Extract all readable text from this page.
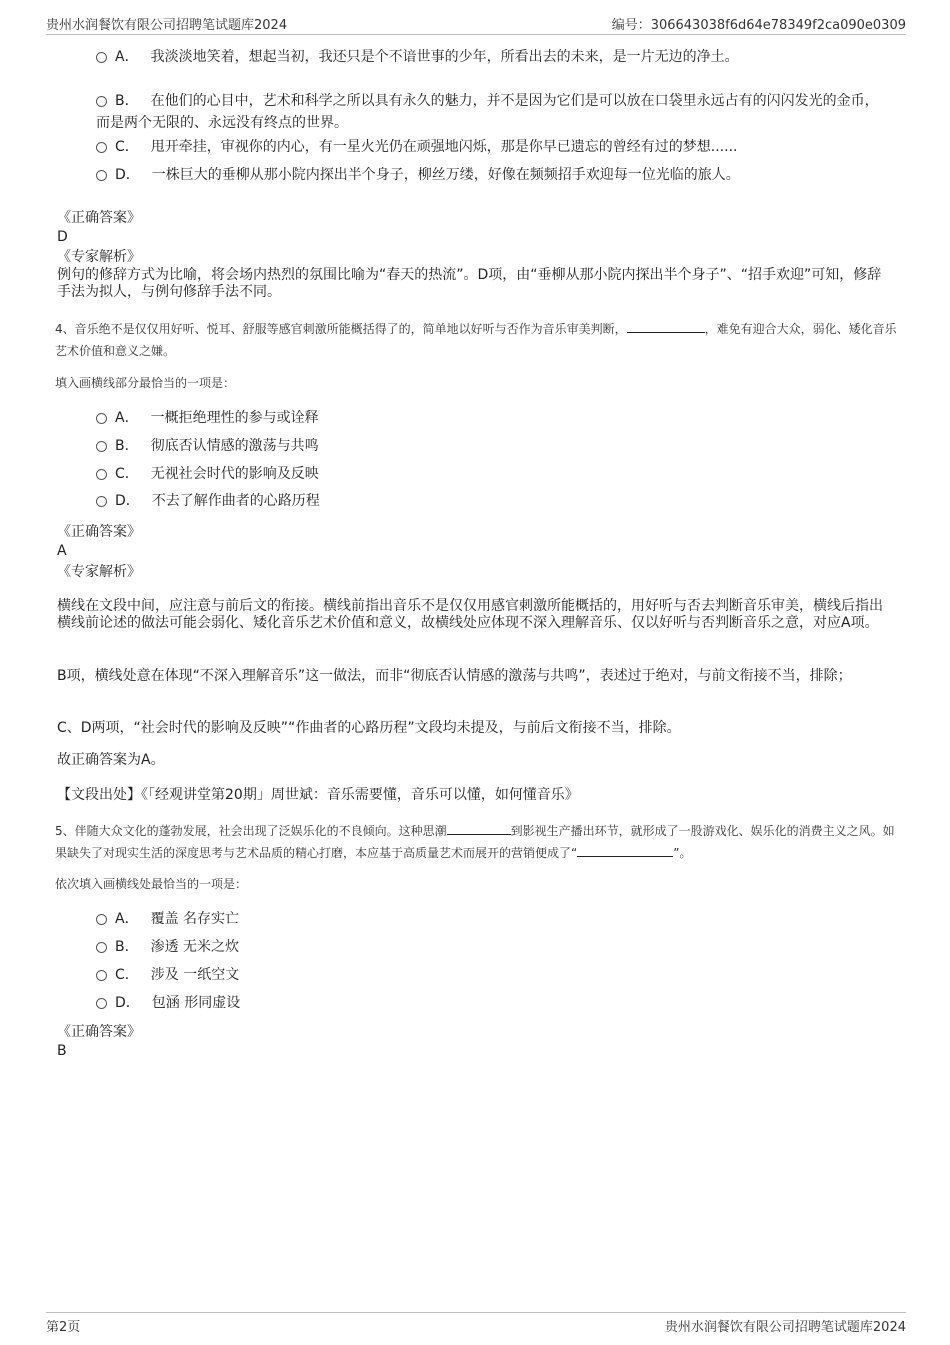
贵州水润餐饮有限公司招聘笔试题库2024	编号：306643038f6d64e78349f2ca090e0309
A． 我淡淡地笑着，想起当初，我还只是个不谙世事的少年，所看出去的未来，是一片无边的净土。
B． 在他们的心目中，艺术和科学之所以具有永久的魅力，并不是因为它们是可以放在口袋里永远占有的闪闪发光的金币，而是两个无限的、永远没有终点的世界。
C． 甩开牵挂，审视你的内心，有一星火光仍在顽强地闪烁，那是你早已遗忘的曾经有过的梦想......
D． 一株巨大的垂柳从那小院内探出半个身子，柳丝万缕，好像在频频招手欢迎每一位光临的旅人。
《正确答案》
D
《专家解析》
例句的修辞方式为比喻，将会场内热烈的氛围比喻为“春天的热流”。D项，由“垂柳从那小院内探出半个身子”、“招手欢迎”可知，修辞手法为拟人，与例句修辞手法不同。
4、音乐绝不是仅仅用好听、悦耳、舒服等感官刺激所能概括得了的，简单地以好听与否作为音乐审美判断，	，难免有迎合大众，弱化、矮化音乐艺术价值和意义之嫌。
填入画横线部分最恰当的一项是：
A． 一概拒绝理性的参与或诠释
B． 彻底否认情感的激荡与共鸣
C． 无视社会时代的影响及反映
D． 不去了解作曲者的心路历程
《正确答案》
A
《专家解析》
横线在文段中间，应注意与前后文的衔接。横线前指出音乐不是仅仅用感官刺激所能概括的，用好听与否去判断音乐审美，横线后指出横线前论述的做法可能会弱化、矮化音乐艺术价值和意义，故横线处应体现不深入理解音乐、仅以好听与否判断音乐之意，对应A项。
B项，横线处意在体现“不深入理解音乐”这一做法，而非“彻底否认情感的激荡与共鸣”，表述过于绝对，与前文衔接不当，排除；
C、D两项，“社会时代的影响及反映”“作曲者的心路历程”文段均未提及，与前后文衔接不当，排除。
故正确答案为A。
【文段出处】《「经观讲堂第20期」周世斌：音乐需要懂，音乐可以懂，如何懂音乐》
5、伴随大众文化的蓬勃发展，社会出现了泛娱乐化的不良倾向。这种思潮	到影视生产播出环节，就形成了一股游戏化、娱乐化的消费主义之风。如果缺失了对现实生活的深度思考与艺术品质的精心打磨，本应基于高质量艺术而展开的营销便成了“	”。
依次填入画横线处最恰当的一项是：
A． 覆盖 名存实亡
B． 渗透 无米之炊
C． 涉及 一纸空文
D． 包涵 形同虚设
《正确答案》
B
第2页	贵州水润餐饮有限公司招聘笔试题库2024
